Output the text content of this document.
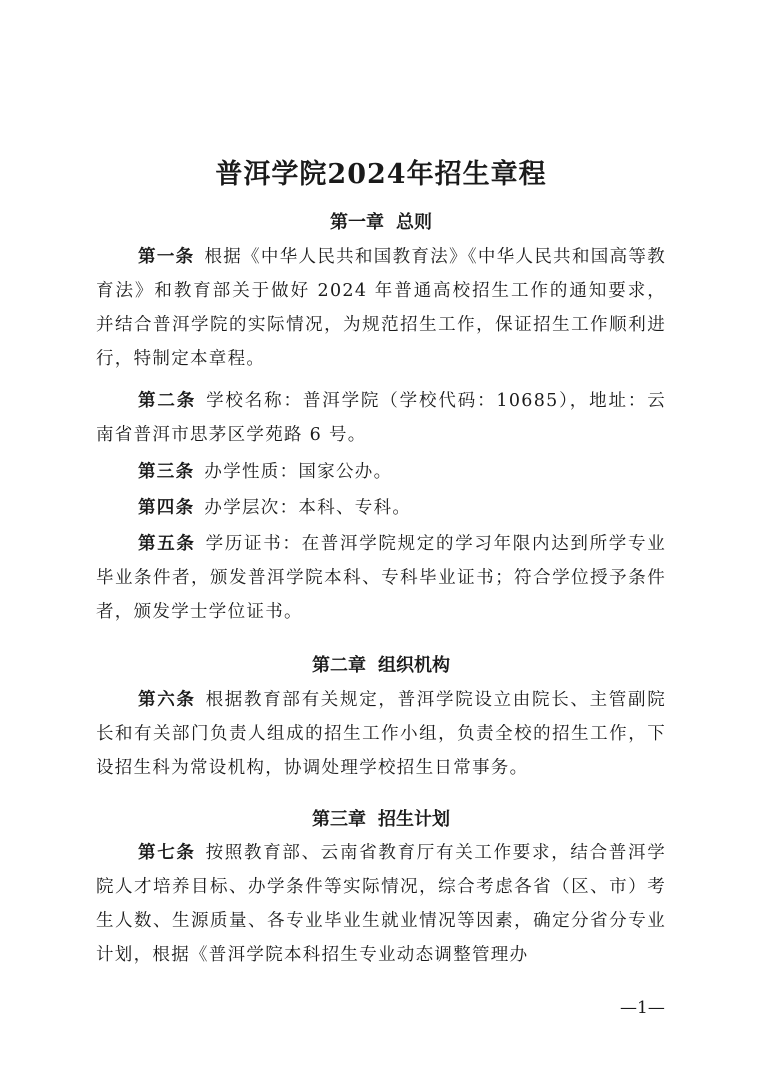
普洱学院2024年招生章程
第一章 总则
第一条 根据《中华人民共和国教育法》《中华人民共和国高等教育法》和教育部关于做好 2024 年普通高校招生工作的通知要求，并结合普洱学院的实际情况，为规范招生工作，保证招生工作顺利进行，特制定本章程。
第二条 学校名称：普洱学院（学校代码：10685），地址：云南省普洱市思茅区学苑路 6 号。
第三条 办学性质：国家公办。
第四条 办学层次：本科、专科。
第五条 学历证书：在普洱学院规定的学习年限内达到所学专业毕业条件者，颁发普洱学院本科、专科毕业证书；符合学位授予条件者，颁发学士学位证书。
第二章 组织机构
第六条 根据教育部有关规定，普洱学院设立由院长、主管副院长和有关部门负责人组成的招生工作小组，负责全校的招生工作，下设招生科为常设机构，协调处理学校招生日常事务。
第三章 招生计划
第七条 按照教育部、云南省教育厅有关工作要求，结合普洱学院人才培养目标、办学条件等实际情况，综合考虑各省（区、市）考生人数、生源质量、各专业毕业生就业情况等因素，确定分省分专业计划，根据《普洱学院本科招生专业动态调整管理办
—1—
